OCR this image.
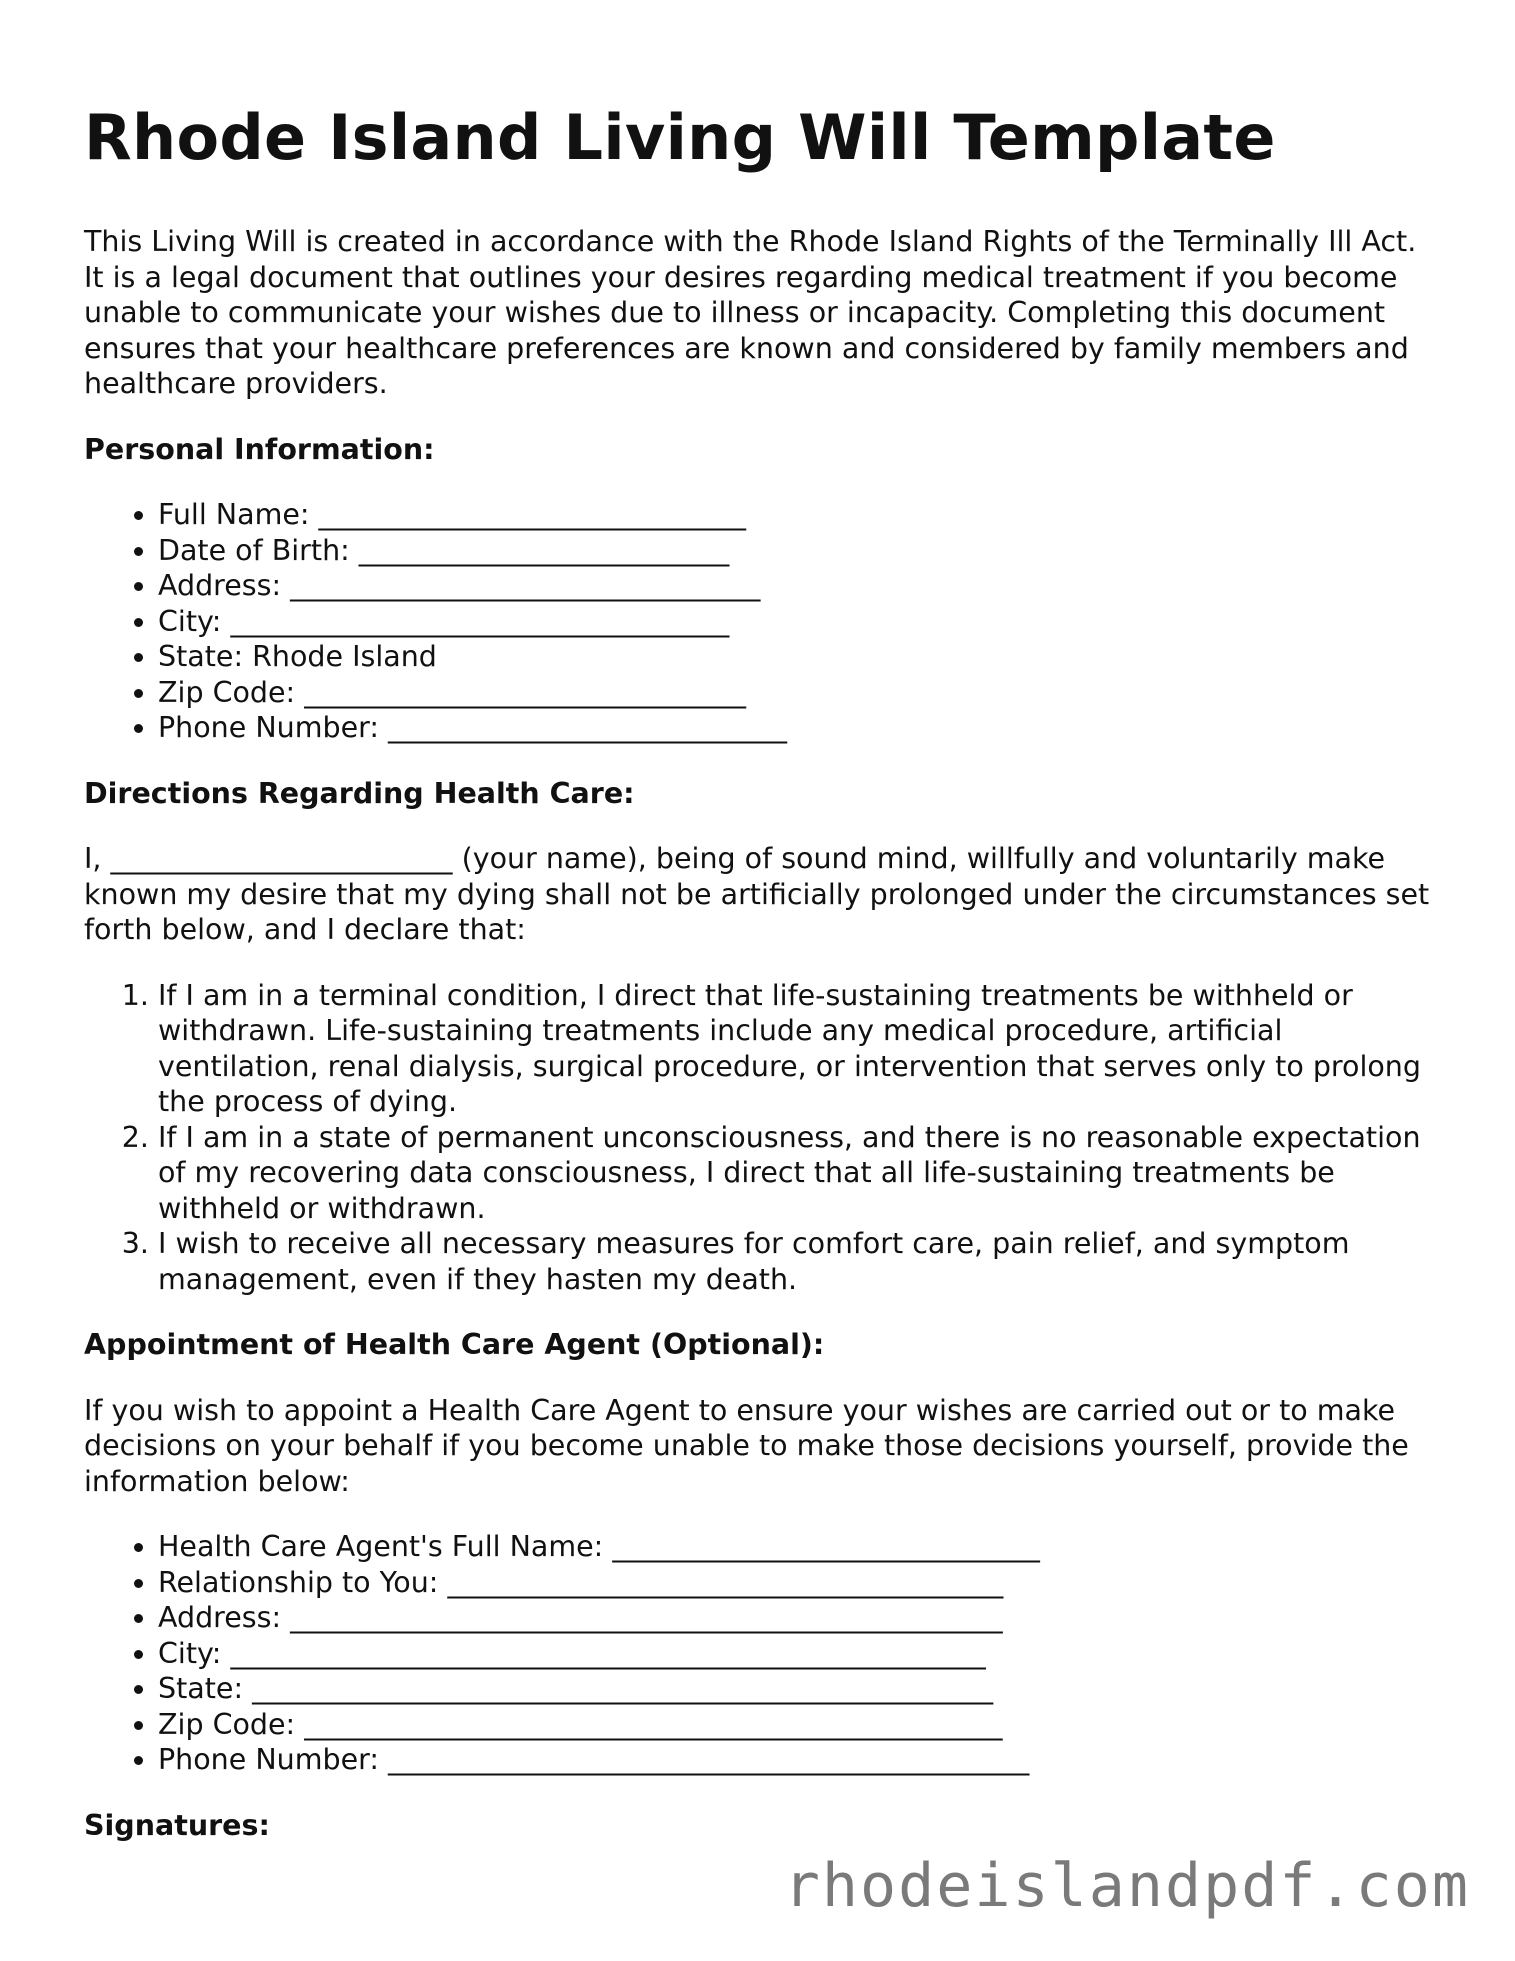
Rhode Island Living Will Template

This Living Will is created in accordance with the Rhode Island Rights of the Terminally Ill Act. It is a legal document that outlines your desires regarding medical treatment if you become unable to communicate your wishes due to illness or incapacity. Completing this document ensures that your healthcare preferences are known and considered by family members and healthcare providers.

Personal Information:
• Full Name: ______________________________
• Date of Birth: __________________________
• Address: _________________________________
• City: ___________________________________
• State: Rhode Island
• Zip Code: _______________________________
• Phone Number: ____________________________
Directions Regarding Health Care:

I, ________________________ (your name), being of sound mind, willfully and voluntarily make known my desire that my dying shall not be artificially prolonged under the circumstances set forth below, and I declare that:

1. If I am in a terminal condition, I direct that life-sustaining treatments be withheld or withdrawn. Life-sustaining treatments include any medical procedure, artificial ventilation, renal dialysis, surgical procedure, or intervention that serves only to prolong the process of dying.
2. If I am in a state of permanent unconsciousness, and there is no reasonable expectation of my recovering data consciousness, I direct that all life-sustaining treatments be withheld or withdrawn.
3. I wish to receive all necessary measures for comfort care, pain relief, and symptom management, even if they hasten my death.
Appointment of Health Care Agent (Optional):

If you wish to appoint a Health Care Agent to ensure your wishes are carried out or to make decisions on your behalf if you become unable to make those decisions yourself, provide the information below:

• Health Care Agent's Full Name: ______________________________
• Relationship to You: _______________________________________
• Address: __________________________________________________
• City: _____________________________________________________
• State: ____________________________________________________
• Zip Code: _________________________________________________
• Phone Number: _____________________________________________
Signatures:
rhodeislandpdf.com
